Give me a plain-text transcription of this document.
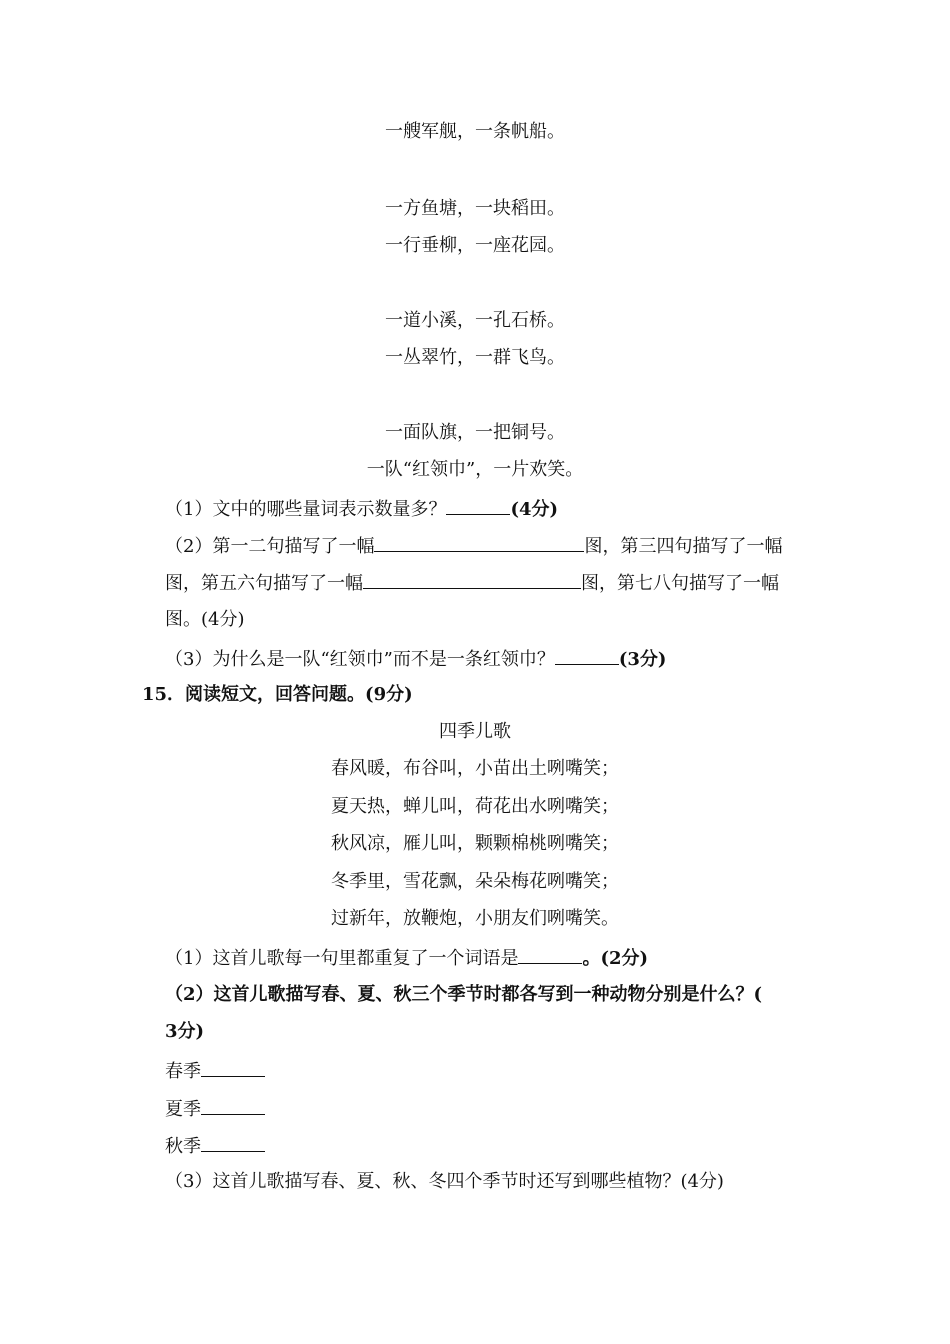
一艘军舰，一条帆船。
一方鱼塘，一块稻田。
一行垂柳，一座花园。
一道小溪，一孔石桥。
一丛翠竹，一群飞鸟。
一面队旗，一把铜号。
一队“红领巾”，一片欢笑。
（1）文中的哪些量词表示数量多？	(4分)
（2）第一二句描写了一幅	图，第三四句描写了一幅
图，第五六句描写了一幅	图，第七八句描写了一幅
图。(4分)
（3）为什么是一队“红领巾”而不是一条红领巾？	(3分)
15．阅读短文，回答问题。(9分)
四季儿歌
春风暖，布谷叫，小苗出土咧嘴笑；
夏天热，蝉儿叫，荷花出水咧嘴笑；
秋风凉，雁儿叫，颗颗棉桃咧嘴笑；
冬季里，雪花飘，朵朵梅花咧嘴笑；
过新年，放鞭炮，小朋友们咧嘴笑。
（1）这首儿歌每一句里都重复了一个词语是	。(2分)
（2）这首儿歌描写春、夏、秋三个季节时都各写到一种动物分别是什么？(
3分)
春季
夏季
秋季
（3）这首儿歌描写春、夏、秋、冬四个季节时还写到哪些植物？(4分)
